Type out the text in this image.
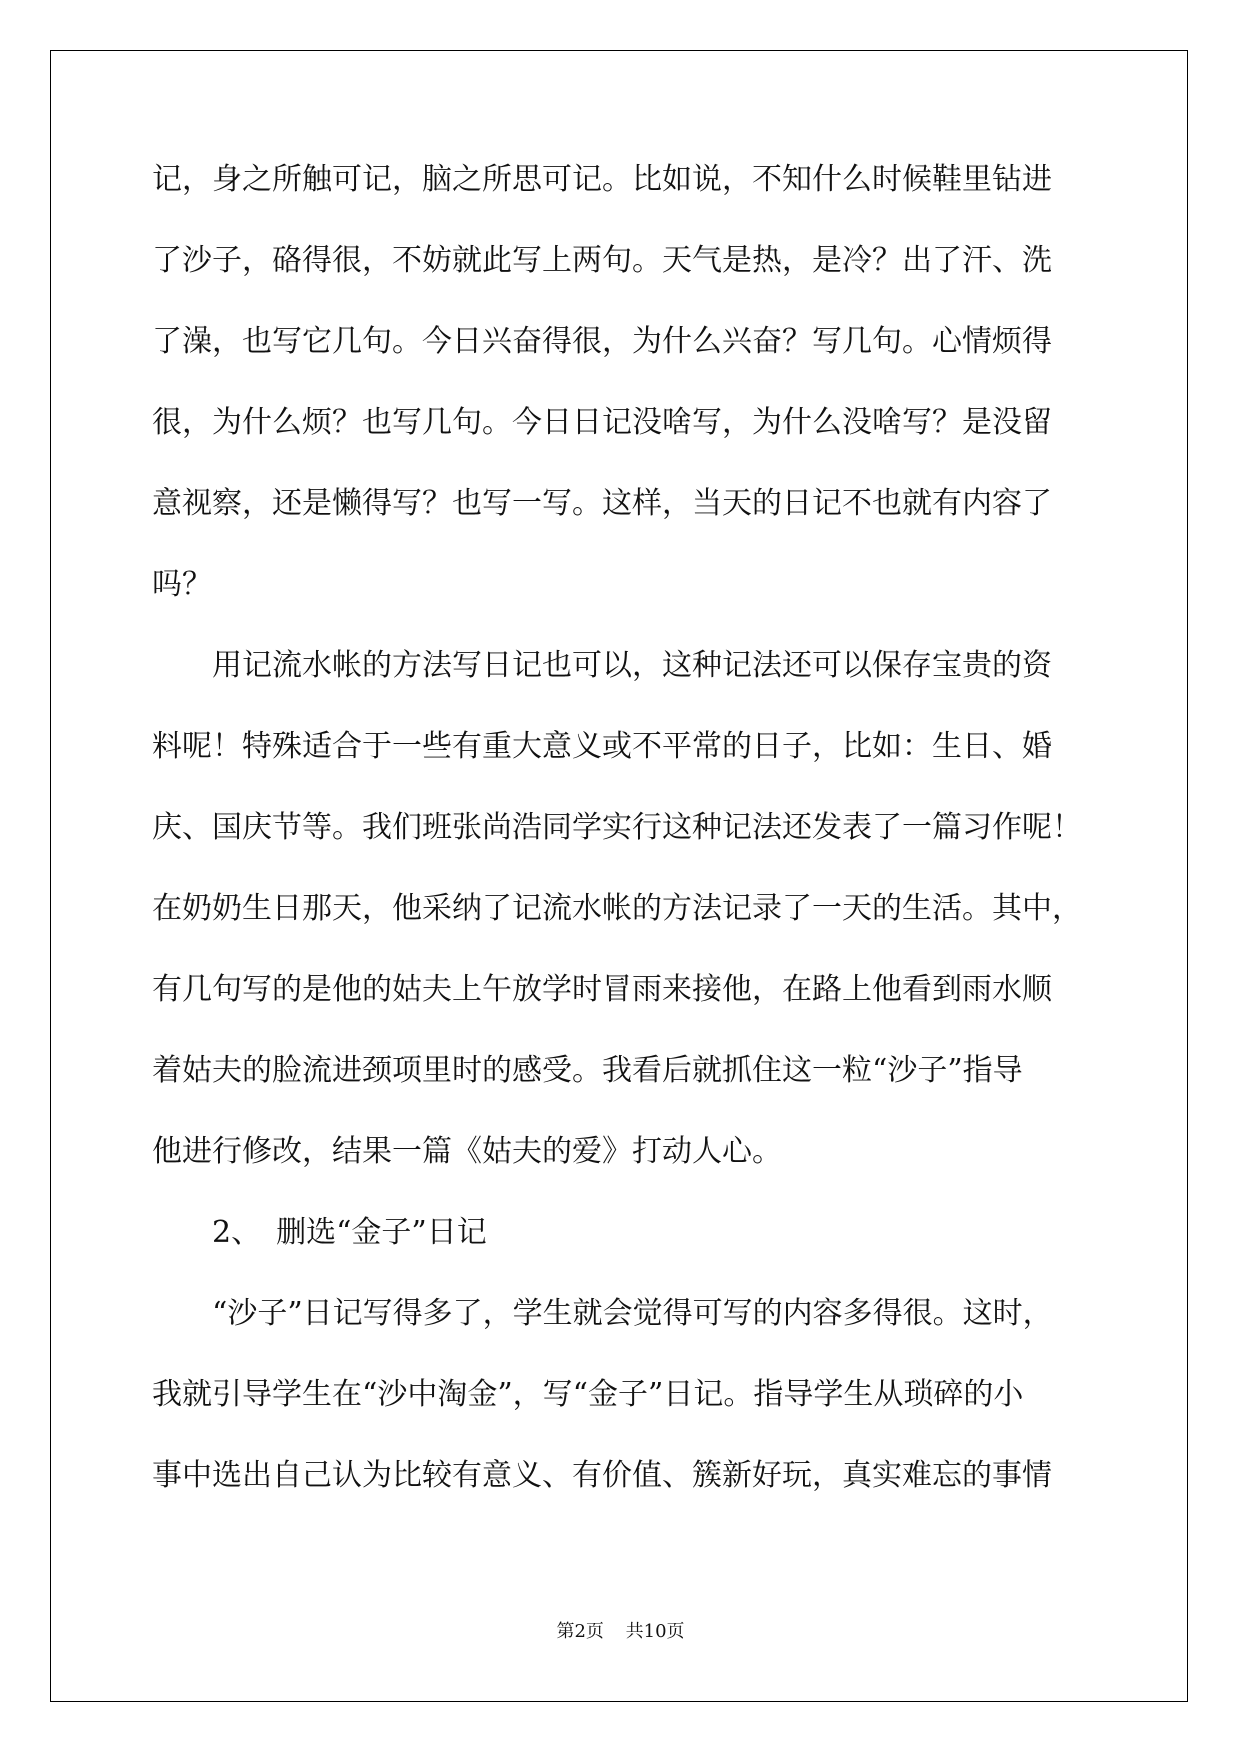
记，身之所触可记，脑之所思可记。比如说，不知什么时候鞋里钻进
了沙子，硌得很，不妨就此写上两句。天气是热，是冷？出了汗、洗
了澡，也写它几句。今日兴奋得很，为什么兴奋？写几句。心情烦得
很，为什么烦？也写几句。今日日记没啥写，为什么没啥写？是没留
意视察，还是懒得写？也写一写。这样，当天的日记不也就有内容了
吗？
　　用记流水帐的方法写日记也可以，这种记法还可以保存宝贵的资
料呢！特殊适合于一些有重大意义或不平常的日子，比如：生日、婚
庆、国庆节等。我们班张尚浩同学实行这种记法还发表了一篇习作呢！
在奶奶生日那天，他采纳了记流水帐的方法记录了一天的生活。其中，
有几句写的是他的姑夫上午放学时冒雨来接他，在路上他看到雨水顺
着姑夫的脸流进颈项里时的感受。我看后就抓住这一粒“沙子”指导
他进行修改，结果一篇《姑夫的爱》打动人心。
　　2、　删选“金子”日记
　　“沙子”日记写得多了，学生就会觉得可写的内容多得很。这时，
我就引导学生在“沙中淘金”，写“金子”日记。指导学生从琐碎的小
事中选出自己认为比较有意义、有价值、簇新好玩，真实难忘的事情
第2页 共10页
